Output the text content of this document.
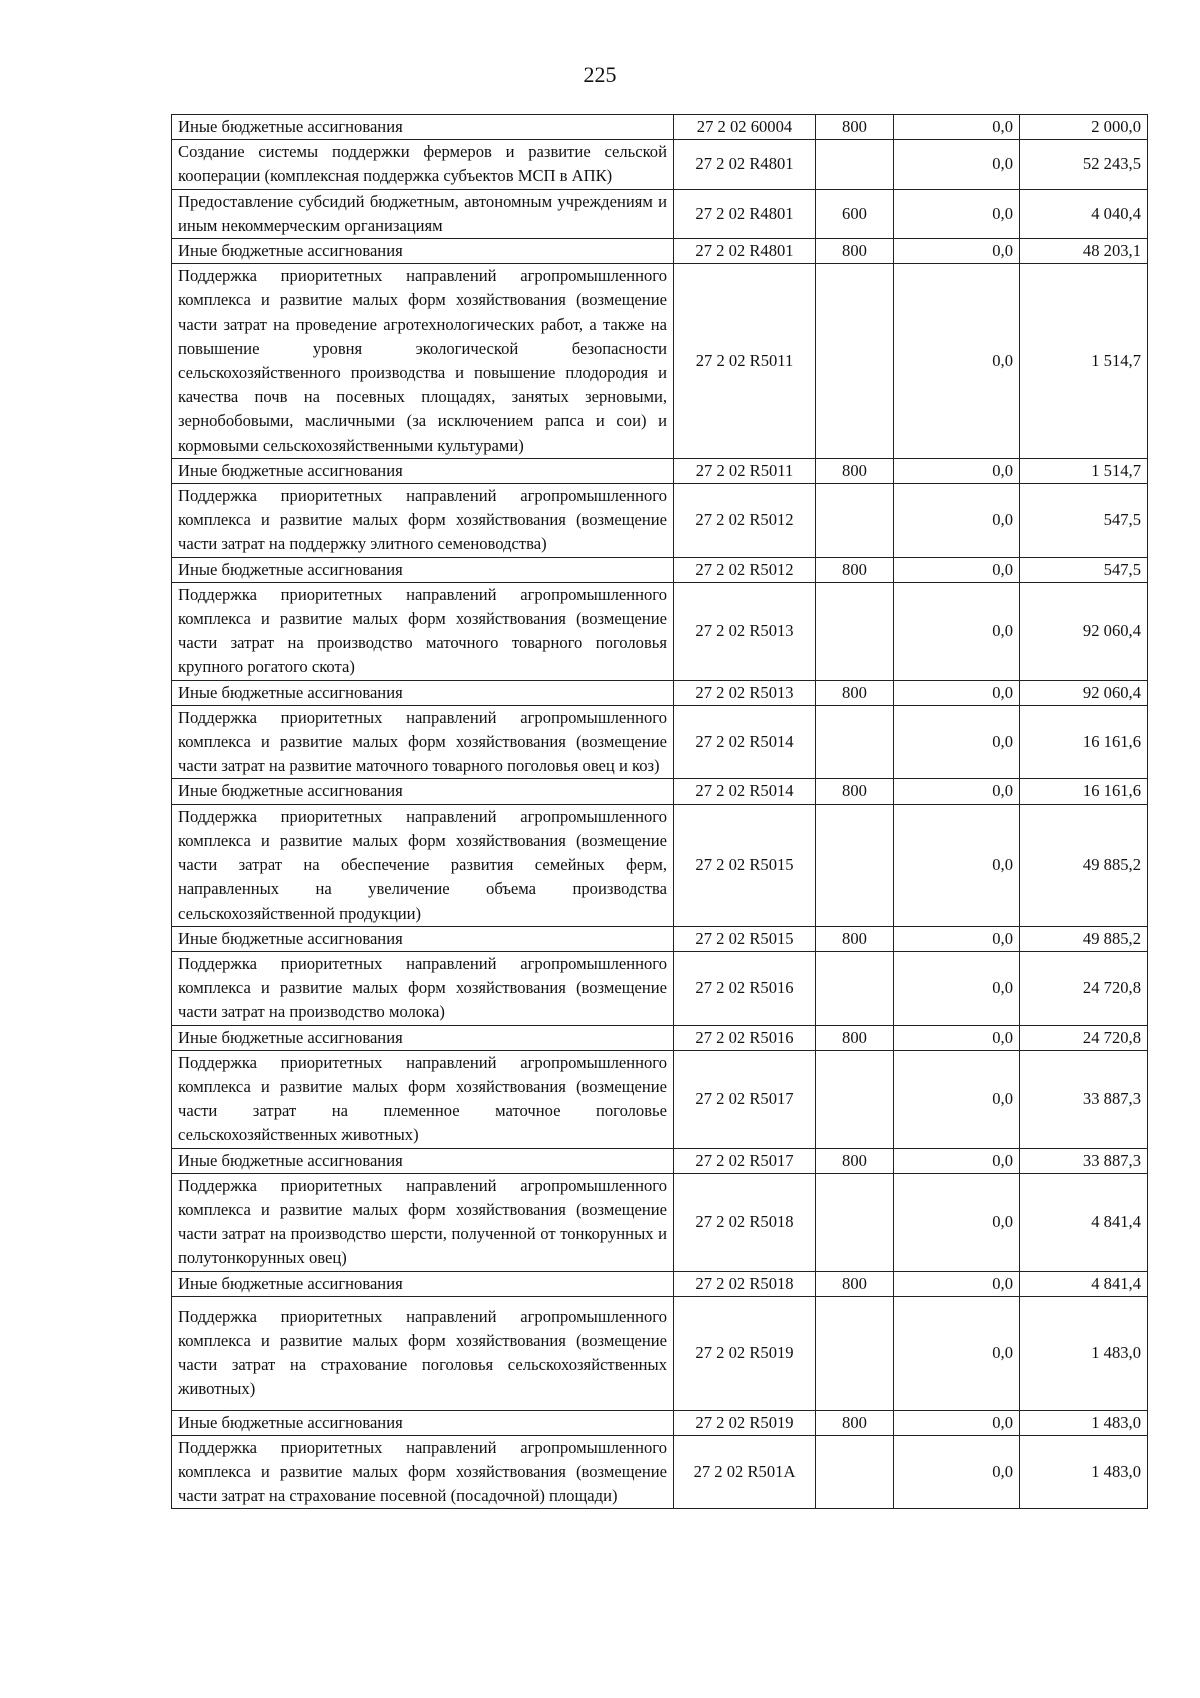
225
Иные бюджетные ассигнования	27 2 02 60004	800	0,0	2 000,0
Создание системы поддержки фермеров и развитие сельской кооперации (комплексная поддержка субъектов МСП в АПК)	27 2 02 R4801		0,0	52 243,5
Предоставление субсидий бюджетным, автономным учреждениям и иным некоммерческим организациям	27 2 02 R4801	600	0,0	4 040,4
Иные бюджетные ассигнования	27 2 02 R4801	800	0,0	48 203,1
Поддержка приоритетных направлений агропромышленного комплекса и развитие малых форм хозяйствования (возмещение части затрат на проведение агротехнологических работ, а также на повышение уровня экологической безопасности сельскохозяйственного производства и повышение плодородия и качества почв на посевных площадях, занятых зерновыми, зернобобовыми, масличными (за исключением рапса и сои) и кормовыми сельскохозяйственными культурами)	27 2 02 R5011		0,0	1 514,7
Иные бюджетные ассигнования	27 2 02 R5011	800	0,0	1 514,7
Поддержка приоритетных направлений агропромышленного комплекса и развитие малых форм хозяйствования (возмещение части затрат на поддержку элитного семеноводства)	27 2 02 R5012		0,0	547,5
Иные бюджетные ассигнования	27 2 02 R5012	800	0,0	547,5
Поддержка приоритетных направлений агропромышленного комплекса и развитие малых форм хозяйствования (возмещение части затрат на производство маточного товарного поголовья крупного рогатого скота)	27 2 02 R5013		0,0	92 060,4
Иные бюджетные ассигнования	27 2 02 R5013	800	0,0	92 060,4
Поддержка приоритетных направлений агропромышленного комплекса и развитие малых форм хозяйствования (возмещение части затрат на развитие маточного товарного поголовья овец и коз)	27 2 02 R5014		0,0	16 161,6
Иные бюджетные ассигнования	27 2 02 R5014	800	0,0	16 161,6
Поддержка приоритетных направлений агропромышленного комплекса и развитие малых форм хозяйствования (возмещение части затрат на обеспечение развития семейных ферм, направленных на увеличение объема производства сельскохозяйственной продукции)	27 2 02 R5015		0,0	49 885,2
Иные бюджетные ассигнования	27 2 02 R5015	800	0,0	49 885,2
Поддержка приоритетных направлений агропромышленного комплекса и развитие малых форм хозяйствования (возмещение части затрат на производство молока)	27 2 02 R5016		0,0	24 720,8
Иные бюджетные ассигнования	27 2 02 R5016	800	0,0	24 720,8
Поддержка приоритетных направлений агропромышленного комплекса и развитие малых форм хозяйствования (возмещение части затрат на племенное маточное поголовье сельскохозяйственных животных)	27 2 02 R5017		0,0	33 887,3
Иные бюджетные ассигнования	27 2 02 R5017	800	0,0	33 887,3
Поддержка приоритетных направлений агропромышленного комплекса и развитие малых форм хозяйствования (возмещение части затрат на производство шерсти, полученной от тонкорунных и полутонкорунных овец)	27 2 02 R5018		0,0	4 841,4
Иные бюджетные ассигнования	27 2 02 R5018	800	0,0	4 841,4
Поддержка приоритетных направлений агропромышленного комплекса и развитие малых форм хозяйствования (возмещение части затрат на страхование поголовья сельскохозяйственных животных)	27 2 02 R5019		0,0	1 483,0
Иные бюджетные ассигнования	27 2 02 R5019	800	0,0	1 483,0
Поддержка приоритетных направлений агропромышленного комплекса и развитие малых форм хозяйствования (возмещение части затрат на страхование посевной (посадочной) площади)	27 2 02 R501A		0,0	1 483,0
